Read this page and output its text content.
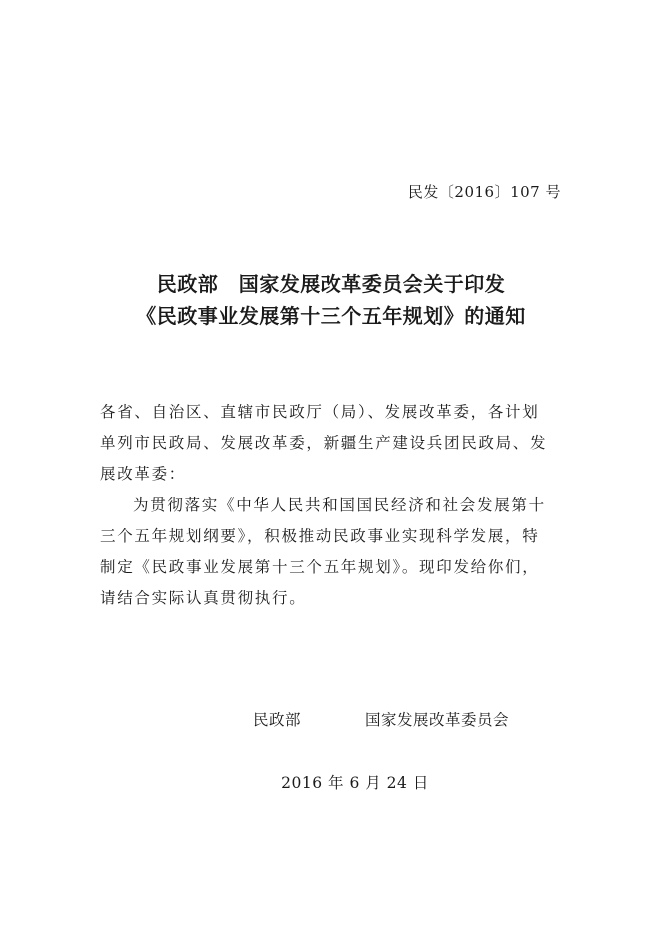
民发〔2016〕107 号
民政部　国家发展改革委员会关于印发
《民政事业发展第十三个五年规划》的通知
各省、自治区、直辖市民政厅（局）、发展改革委，各计划
单列市民政局、发展改革委，新疆生产建设兵团民政局、发
展改革委：
为贯彻落实《中华人民共和国国民经济和社会发展第十
三个五年规划纲要》，积极推动民政事业实现科学发展，特
制定《民政事业发展第十三个五年规划》。现印发给你们，
请结合实际认真贯彻执行。
民政部	国家发展改革委员会
2016 年 6 月 24 日
